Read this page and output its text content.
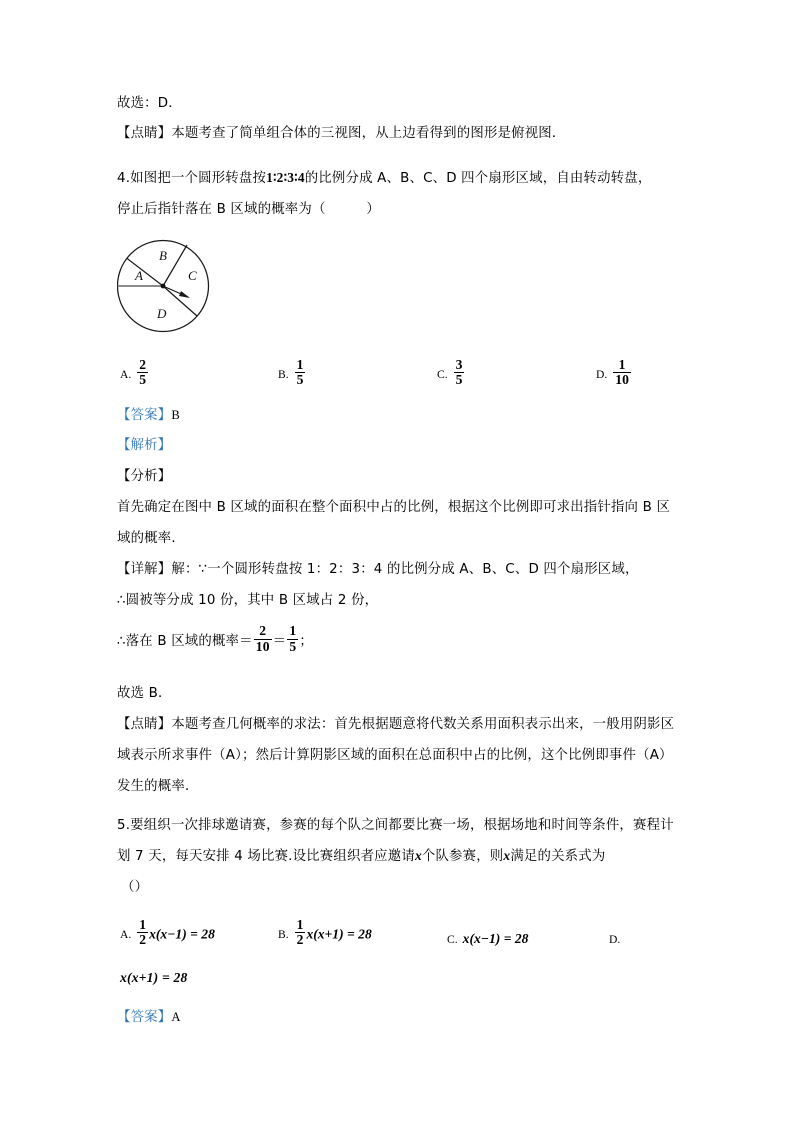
故选：D．
【点睛】本题考查了简单组合体的三视图，从上边看得到的图形是俯视图．
4.如图把一个圆形转盘按1∶2∶3∶4的比例分成 A、B、C、D 四个扇形区域，自由转动转盘，
停止后指针落在 B 区域的概率为（　　　）
A
B
C
D
A. $\frac{2}{5}$	B. $\frac{1}{5}$	C. $\frac{3}{5}$	D. $\frac{1}{10}$
【答案】B
【解析】
【分析】
首先确定在图中 B 区域的面积在整个面积中占的比例，根据这个比例即可求出指针指向 B 区域的概率．
【详解】解：∵一个圆形转盘按 1：2：3：4 的比例分成 A、B、C、D 四个扇形区域，
∴圆被等分成 10 份，其中 B 区域占 2 份，
∴落在 B 区域的概率＝ $\frac{2}{10} = \frac{1}{5}$ ；
故选 B．
【点睛】本题考查几何概率的求法：首先根据题意将代数关系用面积表示出来，一般用阴影区域表示所求事件（A）；然后计算阴影区域的面积在总面积中占的比例，这个比例即事件（A）发生的概率．
5.要组织一次排球邀请赛，参赛的每个队之间都要比赛一场，根据场地和时间等条件，赛程计划 7 天，每天安排 4 场比赛.设比赛组织者应邀请x个队参赛，则x满足的关系式为
（）
A. $\frac{1}{2} x(x-1) = 28$	B. $\frac{1}{2} x(x+1) = 28$	C. x(x−1) = 28	D.
x(x+1) = 28
【答案】A
